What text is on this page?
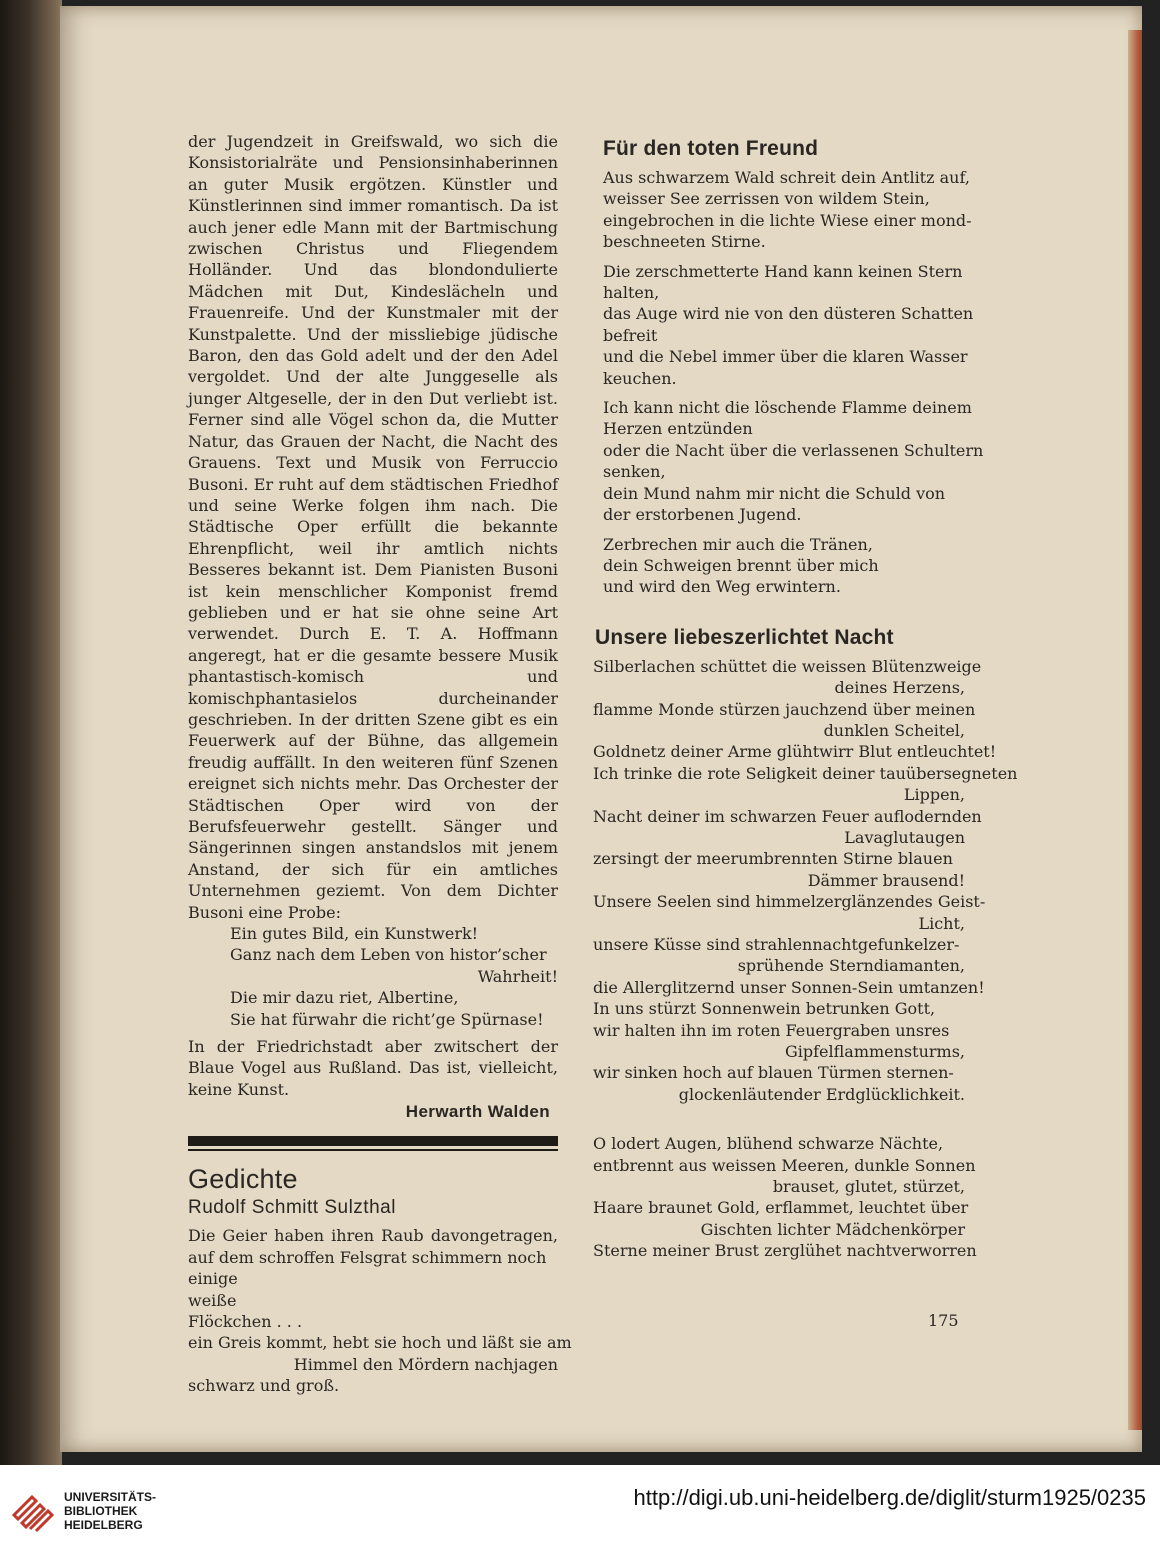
der Jugendzeit in Greifswald, wo sich die Konsistorialräte und Pensionsinhaberinnen an guter Musik ergötzen. Künstler und Künstlerinnen sind immer romantisch. Da ist auch jener edle Mann mit der Bartmischung zwischen Christus und Fliegendem Holländer. Und das blondondulierte Mädchen mit Dut, Kindeslächeln und Frauenreife. Und der Kunstmaler mit der Kunstpalette. Und der missliebige jüdische Baron, den das Gold adelt und der den Adel vergoldet. Und der alte Junggeselle als junger Altgeselle, der in den Dut verliebt ist. Ferner sind alle Vögel schon da, die Mutter Natur, das Grauen der Nacht, die Nacht des Grauens. Text und Musik von Ferruccio Busoni. Er ruht auf dem städtischen Friedhof und seine Werke folgen ihm nach. Die Städtische Oper erfüllt die bekannte Ehrenpflicht, weil ihr amtlich nichts Besseres bekannt ist. Dem Pianisten Busoni ist kein menschlicher Komponist fremd geblieben und er hat sie ohne seine Art verwendet. Durch E. T. A. Hoffmann angeregt, hat er die gesamte bessere Musik phantastisch-komisch und komischphantasielos durcheinander geschrieben. In der dritten Szene gibt es ein Feuerwerk auf der Bühne, das allgemein freudig auffällt. In den weiteren fünf Szenen ereignet sich nichts mehr. Das Orchester der Städtischen Oper wird von der Berufsfeuerwehr gestellt. Sänger und Sängerinnen singen anstandslos mit jenem Anstand, der sich für ein amtliches Unternehmen geziemt. Von dem Dichter Busoni eine Probe:

Ein gutes Bild, ein Kunstwerk!
Ganz nach dem Leben von histor’scher
Wahrheit!
Die mir dazu riet, Albertine,
Sie hat fürwahr die richt’ge Spürnase!

In der Friedrichstadt aber zwitschert der Blaue Vogel aus Rußland. Das ist, vielleicht, keine Kunst.

Herwarth Walden
Gedichte
Rudolf Schmitt Sulzthal

Die Geier haben ihren Raub davongetragen, auf dem schroffen Felsgrat schimmern noch

einige
weiße
Flöckchen . . .
ein Greis kommt, hebt sie hoch und läßt sie am
Himmel den Mördern nachjagen
schwarz und groß.
Für den toten Freund
Aus schwarzem Wald schreit dein Antlitz auf,
weisser See zerrissen von wildem Stein,
eingebrochen in die lichte Wiese einer mond-
beschneeten Stirne.
Die zerschmetterte Hand kann keinen Stern
halten,
das Auge wird nie von den düsteren Schatten
befreit
und die Nebel immer über die klaren Wasser
keuchen.
Ich kann nicht die löschende Flamme deinem
Herzen entzünden
oder die Nacht über die verlassenen Schultern
senken,
dein Mund nahm mir nicht die Schuld von
der erstorbenen Jugend.
Zerbrechen mir auch die Tränen,
dein Schweigen brennt über mich
und wird den Weg erwintern.
Unsere liebeszerlichtet Nacht
Silberlachen schüttet die weissen Blütenzweige
deines Herzens,
flamme Monde stürzen jauchzend über meinen
dunklen Scheitel,
Goldnetz deiner Arme glühtwirr Blut entleuchtet!
Ich trinke die rote Seligkeit deiner tauübersegneten
Lippen,
Nacht deiner im schwarzen Feuer auflodernden
Lavaglutaugen
zersingt der meerumbrennten Stirne blauen
Dämmer brausend!
Unsere Seelen sind himmelzerglänzendes Geist-
Licht,
unsere Küsse sind strahlennachtgefunkelzer-
sprühende Sterndiamanten,
die Allerglitzernd unser Sonnen-Sein umtanzen!
In uns stürzt Sonnenwein betrunken Gott,
wir halten ihn im roten Feuergraben unsres
Gipfelflammensturms,
wir sinken hoch auf blauen Türmen sternen-
glockenläutender Erdglücklichkeit.
O lodert Augen, blühend schwarze Nächte,
entbrennt aus weissen Meeren, dunkle Sonnen
brauset, glutet, stürzet,
Haare braunet Gold, erflammet, leuchtet über
Gischten lichter Mädchenkörper
Sterne meiner Brust zerglühet nachtverworren
175
UNIVERSITÄTS-
BIBLIOTHEK
HEIDELBERG
http://digi.ub.uni-heidelberg.de/diglit/sturm1925/0235
